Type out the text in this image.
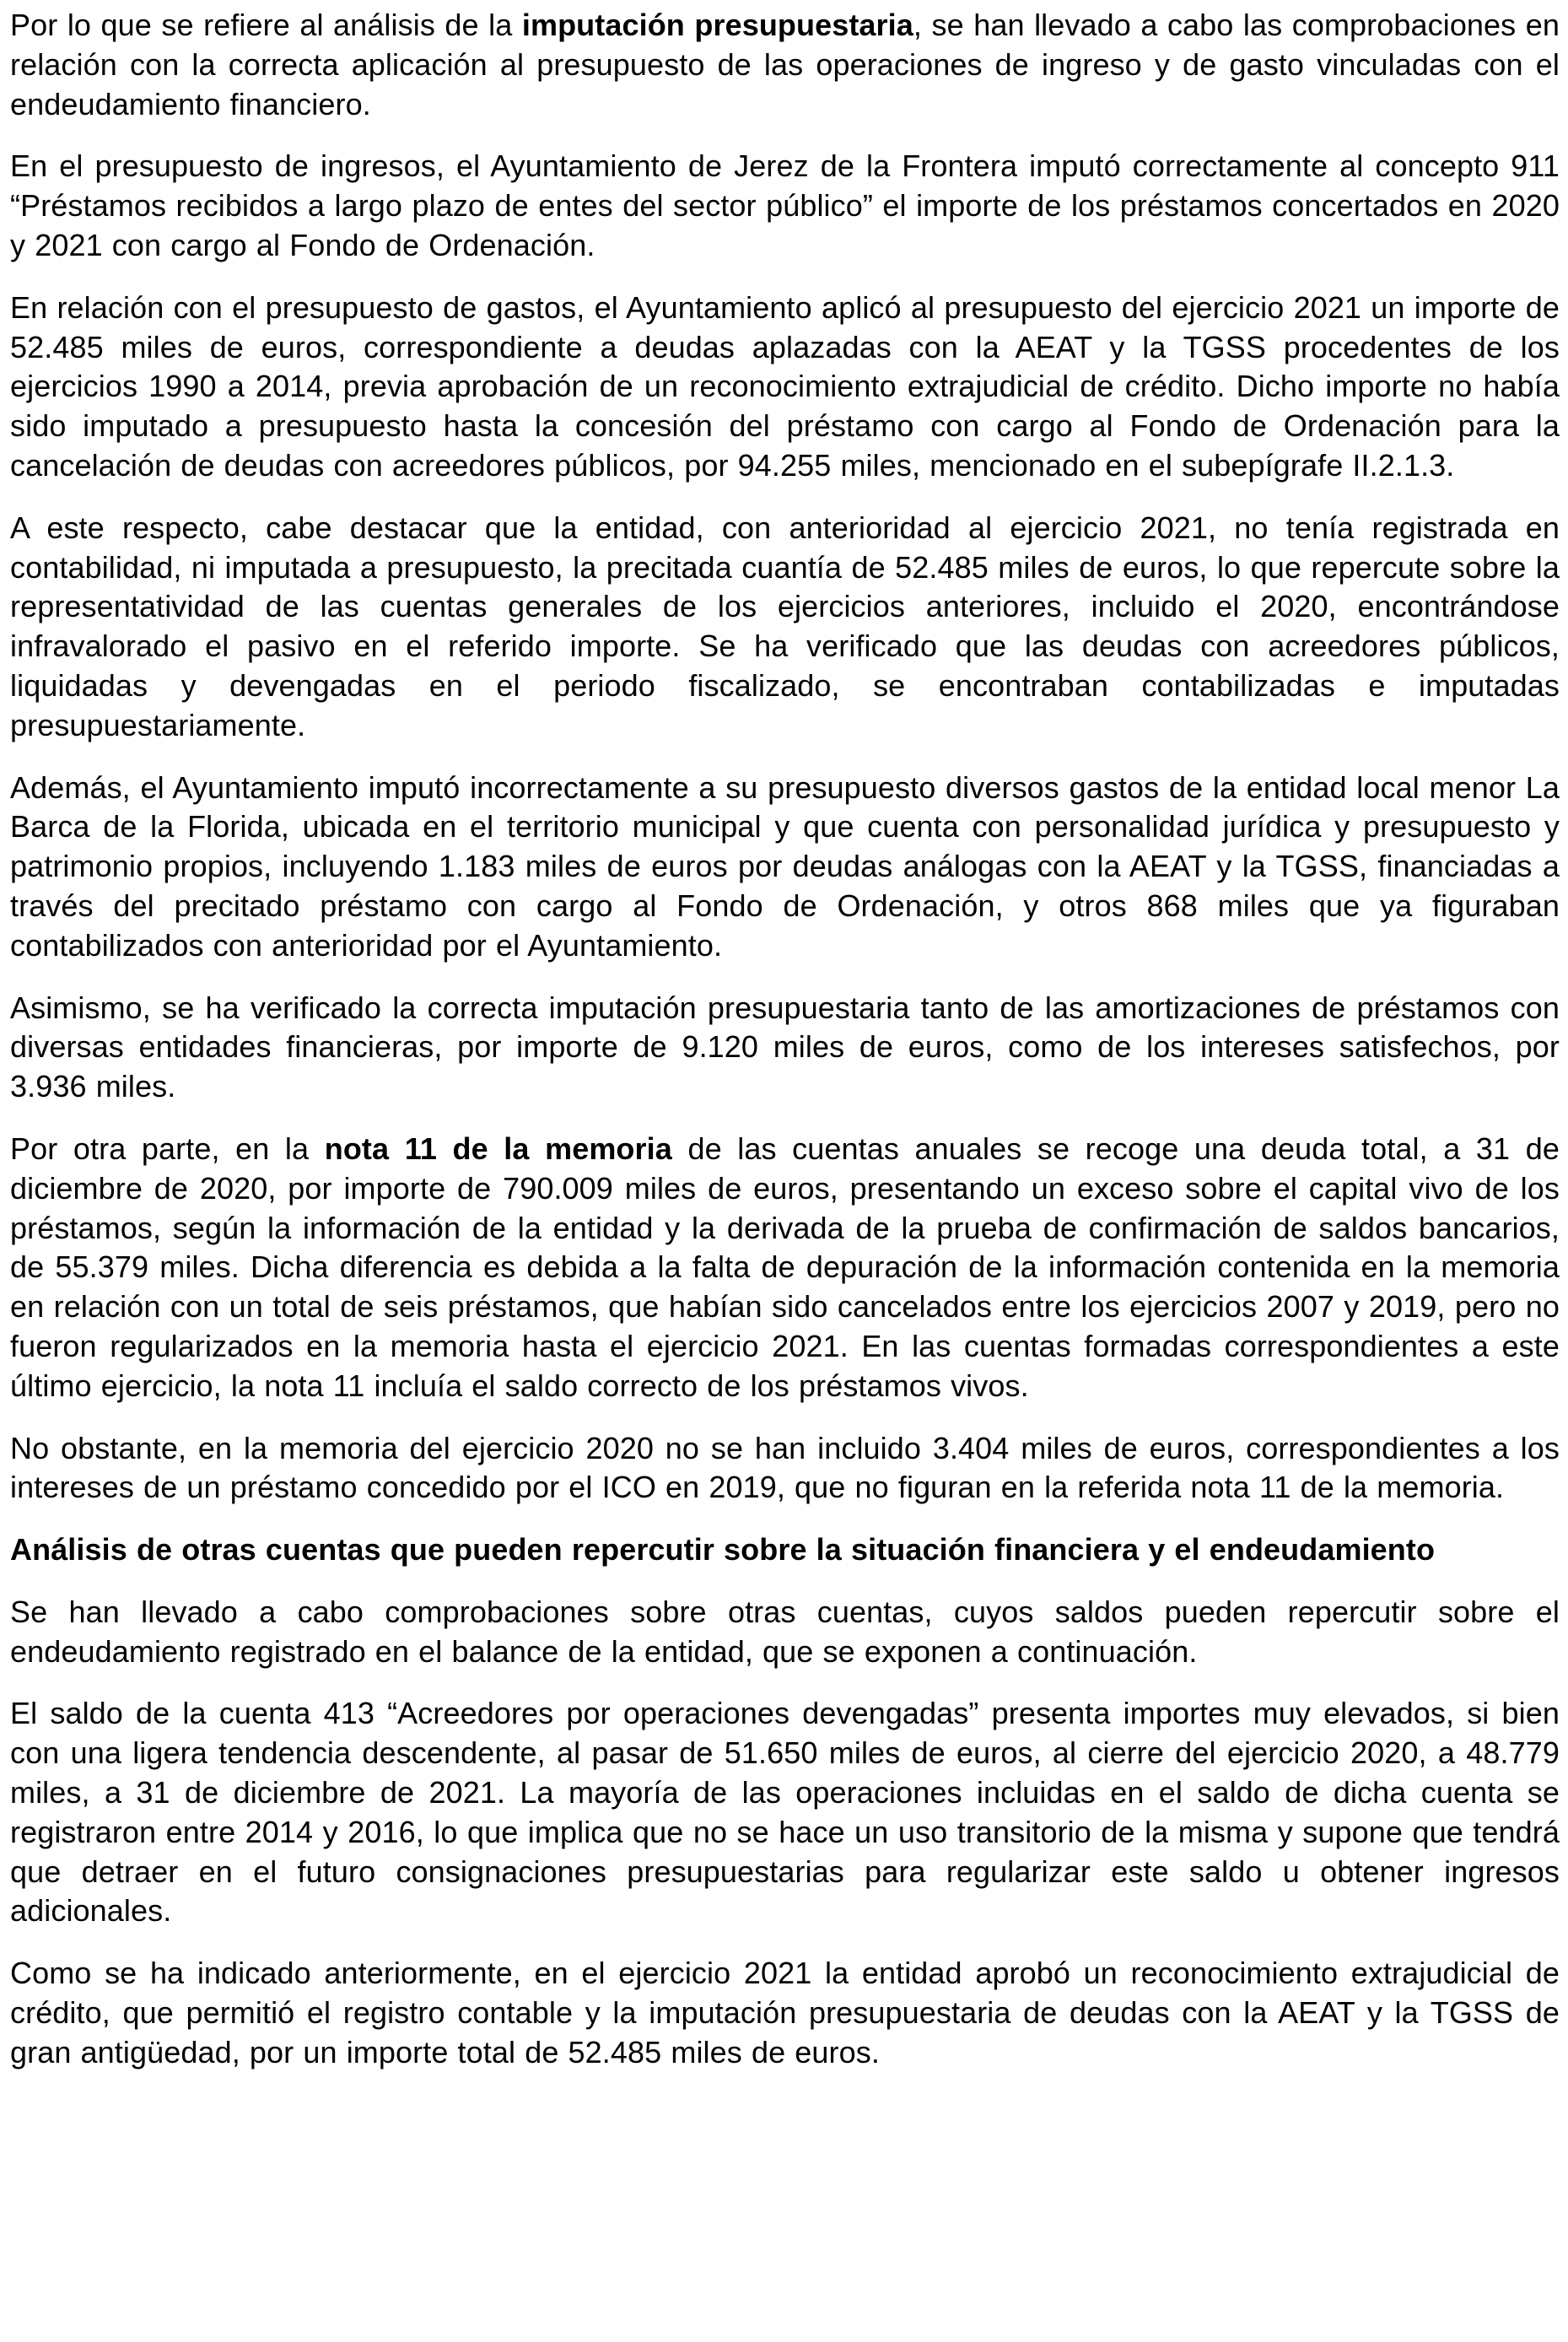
Por lo que se refiere al análisis de la imputación presupuestaria, se han llevado a cabo las comprobaciones en relación con la correcta aplicación al presupuesto de las operaciones de ingreso y de gasto vinculadas con el endeudamiento financiero.

En el presupuesto de ingresos, el Ayuntamiento de Jerez de la Frontera imputó correctamente al concepto 911 “Préstamos recibidos a largo plazo de entes del sector público” el importe de los préstamos concertados en 2020 y 2021 con cargo al Fondo de Ordenación.

En relación con el presupuesto de gastos, el Ayuntamiento aplicó al presupuesto del ejercicio 2021 un importe de 52.485 miles de euros, correspondiente a deudas aplazadas con la AEAT y la TGSS procedentes de los ejercicios 1990 a 2014, previa aprobación de un reconocimiento extrajudicial de crédito. Dicho importe no había sido imputado a presupuesto hasta la concesión del préstamo con cargo al Fondo de Ordenación para la cancelación de deudas con acreedores públicos, por 94.255 miles, mencionado en el subepígrafe II.2.1.3.

A este respecto, cabe destacar que la entidad, con anterioridad al ejercicio 2021, no tenía registrada en contabilidad, ni imputada a presupuesto, la precitada cuantía de 52.485 miles de euros, lo que repercute sobre la representatividad de las cuentas generales de los ejercicios anteriores, incluido el 2020, encontrándose infravalorado el pasivo en el referido importe. Se ha verificado que las deudas con acreedores públicos, liquidadas y devengadas en el periodo fiscalizado, se encontraban contabilizadas e imputadas presupuestariamente.

Además, el Ayuntamiento imputó incorrectamente a su presupuesto diversos gastos de la entidad local menor La Barca de la Florida, ubicada en el territorio municipal y que cuenta con personalidad jurídica y presupuesto y patrimonio propios, incluyendo 1.183 miles de euros por deudas análogas con la AEAT y la TGSS, financiadas a través del precitado préstamo con cargo al Fondo de Ordenación, y otros 868 miles que ya figuraban contabilizados con anterioridad por el Ayuntamiento.

Asimismo, se ha verificado la correcta imputación presupuestaria tanto de las amortizaciones de préstamos con diversas entidades financieras, por importe de 9.120 miles de euros, como de los intereses satisfechos, por 3.936 miles.

Por otra parte, en la nota 11 de la memoria de las cuentas anuales se recoge una deuda total, a 31 de diciembre de 2020, por importe de 790.009 miles de euros, presentando un exceso sobre el capital vivo de los préstamos, según la información de la entidad y la derivada de la prueba de confirmación de saldos bancarios, de 55.379 miles. Dicha diferencia es debida a la falta de depuración de la información contenida en la memoria en relación con un total de seis préstamos, que habían sido cancelados entre los ejercicios 2007 y 2019, pero no fueron regularizados en la memoria hasta el ejercicio 2021. En las cuentas formadas correspondientes a este último ejercicio, la nota 11 incluía el saldo correcto de los préstamos vivos.

No obstante, en la memoria del ejercicio 2020 no se han incluido 3.404 miles de euros, correspondientes a los intereses de un préstamo concedido por el ICO en 2019, que no figuran en la referida nota 11 de la memoria.

Análisis de otras cuentas que pueden repercutir sobre la situación financiera y el endeudamiento

Se han llevado a cabo comprobaciones sobre otras cuentas, cuyos saldos pueden repercutir sobre el endeudamiento registrado en el balance de la entidad, que se exponen a continuación.

El saldo de la cuenta 413 “Acreedores por operaciones devengadas” presenta importes muy elevados, si bien con una ligera tendencia descendente, al pasar de 51.650 miles de euros, al cierre del ejercicio 2020, a 48.779 miles, a 31 de diciembre de 2021. La mayoría de las operaciones incluidas en el saldo de dicha cuenta se registraron entre 2014 y 2016, lo que implica que no se hace un uso transitorio de la misma y supone que tendrá que detraer en el futuro consignaciones presupuestarias para regularizar este saldo u obtener ingresos adicionales.

Como se ha indicado anteriormente, en el ejercicio 2021 la entidad aprobó un reconocimiento extrajudicial de crédito, que permitió el registro contable y la imputación presupuestaria de deudas con la AEAT y la TGSS de gran antigüedad, por un importe total de 52.485 miles de euros.
